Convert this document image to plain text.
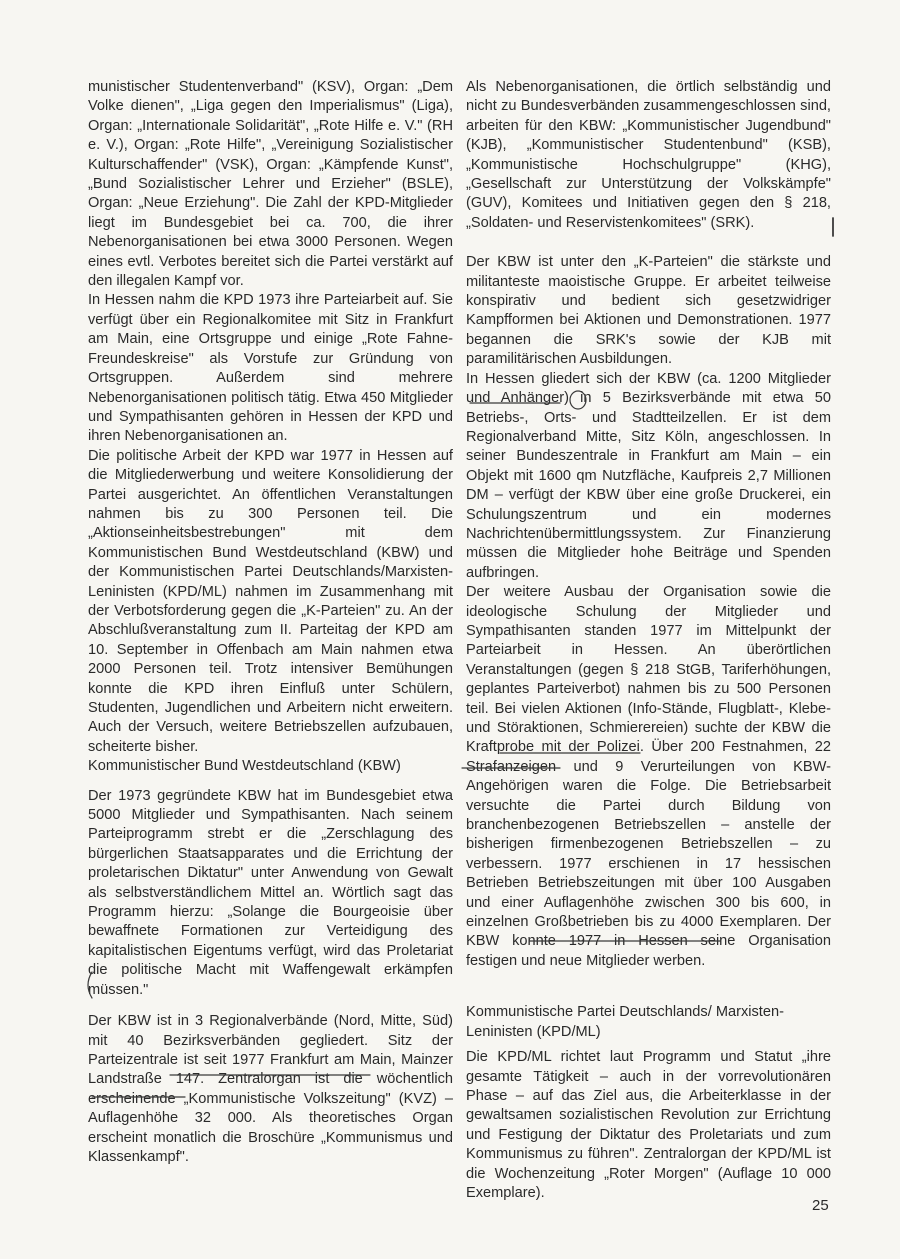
munistischer Studentenverband" (KSV), Organ: „Dem Volke dienen", „Liga gegen den Imperialismus" (Liga), Organ: „Internationale Solidarität", „Rote Hilfe e. V." (RH e. V.), Organ: „Rote Hilfe", „Vereinigung Sozialistischer Kulturschaffender" (VSK), Organ: „Kämpfende Kunst", „Bund Sozialistischer Lehrer und Erzieher" (BSLE), Organ: „Neue Erziehung". Die Zahl der KPD-Mitglieder liegt im Bundesgebiet bei ca. 700, die ihrer Nebenorganisationen bei etwa 3000 Personen. Wegen eines evtl. Verbotes bereitet sich die Partei verstärkt auf den illegalen Kampf vor.

In Hessen nahm die KPD 1973 ihre Parteiarbeit auf. Sie verfügt über ein Regionalkomitee mit Sitz in Frankfurt am Main, eine Ortsgruppe und einige „Rote Fahne-Freundeskreise" als Vorstufe zur Gründung von Ortsgruppen. Außerdem sind mehrere Nebenorganisationen politisch tätig. Etwa 450 Mitglieder und Sympathisanten gehören in Hessen der KPD und ihren Nebenorganisationen an.

Die politische Arbeit der KPD war 1977 in Hessen auf die Mitgliederwerbung und weitere Konsolidierung der Partei ausgerichtet. An öffentlichen Veranstaltungen nahmen bis zu 300 Personen teil. Die „Aktionseinheitsbestrebungen" mit dem Kommunistischen Bund Westdeutschland (KBW) und der Kommunistischen Partei Deutschlands/Marxisten-Leninisten (KPD/ML) nahmen im Zusammenhang mit der Verbotsforderung gegen die „K-Parteien" zu. An der Abschlußveranstaltung zum II. Parteitag der KPD am 10. September in Offenbach am Main nahmen etwa 2000 Personen teil. Trotz intensiver Bemühungen konnte die KPD ihren Einfluß unter Schülern, Studenten, Jugendlichen und Arbeitern nicht erweitern. Auch der Versuch, weitere Betriebszellen aufzubauen, scheiterte bisher.

Kommunistischer Bund Westdeutschland (KBW)

Der 1973 gegründete KBW hat im Bundesgebiet etwa 5000 Mitglieder und Sympathisanten. Nach seinem Parteiprogramm strebt er die „Zerschlagung des bürgerlichen Staatsapparates und die Errichtung der proletarischen Diktatur" unter Anwendung von Gewalt als selbstverständlichem Mittel an. Wörtlich sagt das Programm hierzu: „Solange die Bourgeoisie über bewaffnete Formationen zur Verteidigung des kapitalistischen Eigentums verfügt, wird das Proletariat die politische Macht mit Waffengewalt erkämpfen müssen."

Der KBW ist in 3 Regionalverbände (Nord, Mitte, Süd) mit 40 Bezirksverbänden gegliedert. Sitz der Parteizentrale ist seit 1977 Frankfurt am Main, Mainzer Landstraße 147. Zentralorgan ist die wöchentlich erscheinende „Kommunistische Volkszeitung" (KVZ) – Auflagenhöhe 32 000. Als theoretisches Organ erscheint monatlich die Broschüre „Kommunismus und Klassenkampf".

Als Nebenorganisationen, die örtlich selbständig und nicht zu Bundesverbänden zusammengeschlossen sind, arbeiten für den KBW: „Kommunistischer Jugendbund" (KJB), „Kommunistischer Studentenbund" (KSB), „Kommunistische Hochschulgruppe" (KHG), „Gesellschaft zur Unterstützung der Volkskämpfe" (GUV), Komitees und Initiativen gegen den § 218, „Soldaten- und Reservistenkomitees" (SRK).

Der KBW ist unter den „K-Parteien" die stärkste und militanteste maoistische Gruppe. Er arbeitet teilweise konspirativ und bedient sich gesetzwidriger Kampfformen bei Aktionen und Demonstrationen. 1977 begannen die SRK's sowie der KJB mit paramilitärischen Ausbildungen.

In Hessen gliedert sich der KBW (ca. 1200 Mitglieder und Anhänger) in 5 Bezirksverbände mit etwa 50 Betriebs-, Orts- und Stadtteilzellen. Er ist dem Regionalverband Mitte, Sitz Köln, angeschlossen. In seiner Bundeszentrale in Frankfurt am Main – ein Objekt mit 1600 qm Nutzfläche, Kaufpreis 2,7 Millionen DM – verfügt der KBW über eine große Druckerei, ein Schulungszentrum und ein modernes Nachrichtenübermittlungssystem. Zur Finanzierung müssen die Mitglieder hohe Beiträge und Spenden aufbringen.

Der weitere Ausbau der Organisation sowie die ideologische Schulung der Mitglieder und Sympathisanten standen 1977 im Mittelpunkt der Parteiarbeit in Hessen. An überörtlichen Veranstaltungen (gegen § 218 StGB, Tariferhöhungen, geplantes Parteiverbot) nahmen bis zu 500 Personen teil. Bei vielen Aktionen (Info-Stände, Flugblatt-, Klebe- und Störaktionen, Schmierereien) suchte der KBW die Kraftprobe mit der Polizei. Über 200 Festnahmen, 22 Strafanzeigen und 9 Verurteilungen von KBW-Angehörigen waren die Folge. Die Betriebsarbeit versuchte die Partei durch Bildung von branchenbezogenen Betriebszellen – anstelle der bisherigen firmenbezogenen Betriebszellen – zu verbessern. 1977 erschienen in 17 hessischen Betrieben Betriebszeitungen mit über 100 Ausgaben und einer Auflagenhöhe zwischen 300 bis 600, in einzelnen Großbetrieben bis zu 4000 Exemplaren. Der KBW konnte 1977 in Hessen seine Organisation festigen und neue Mitglieder werben.

Kommunistische Partei Deutschlands/ Marxisten-Leninisten (KPD/ML)

Die KPD/ML richtet laut Programm und Statut „ihre gesamte Tätigkeit – auch in der vorrevolutionären Phase – auf das Ziel aus, die Arbeiterklasse in der gewaltsamen sozialistischen Revolution zur Errichtung und Festigung der Diktatur des Proletariats und zum Kommunismus zu führen". Zentralorgan der KPD/ML ist die Wochenzeitung „Roter Morgen" (Auflage 10 000 Exemplare).

25
